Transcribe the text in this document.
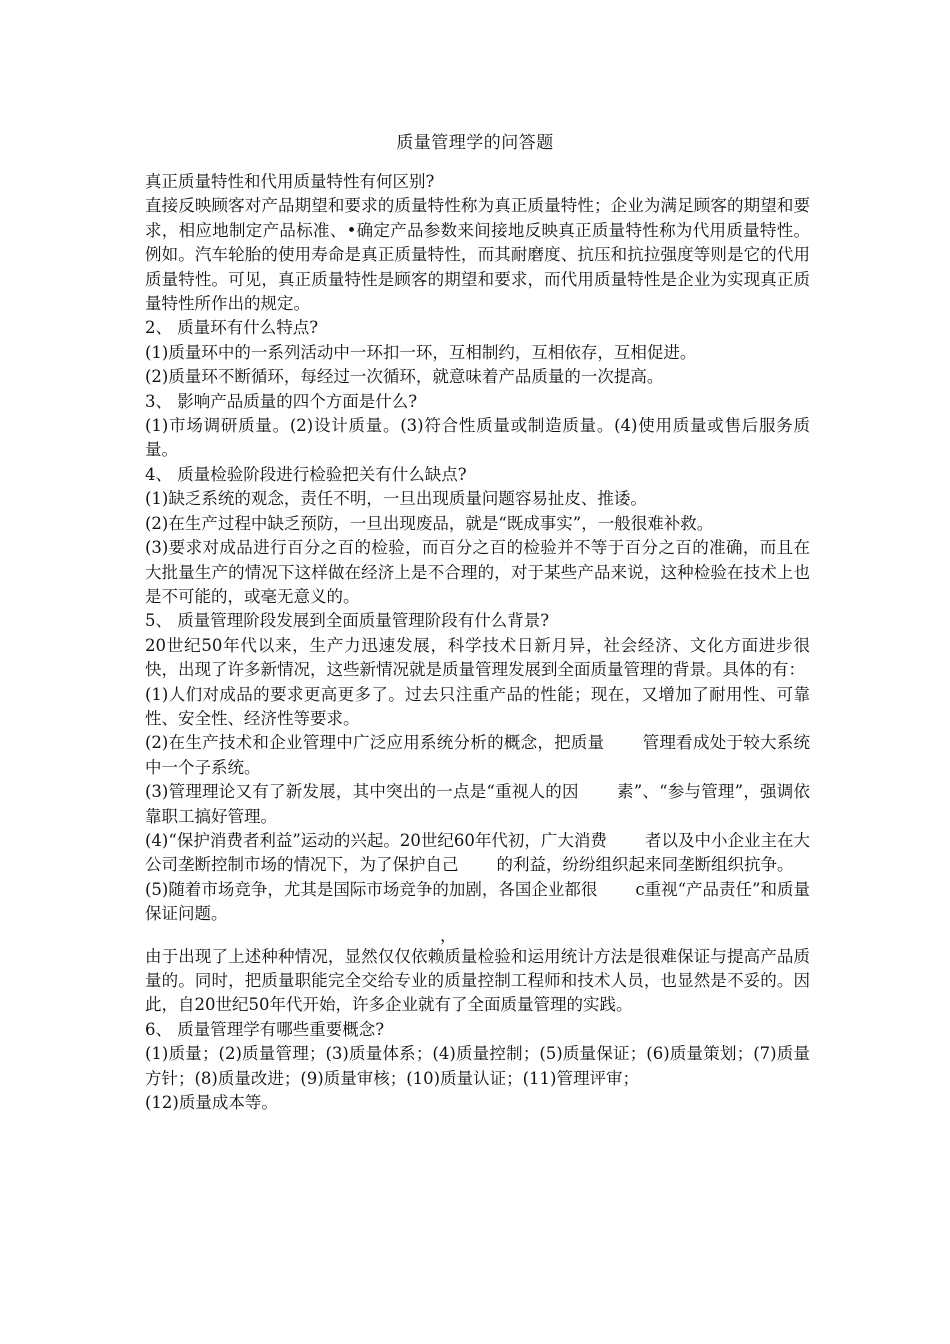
质量管理学的问答题

真正质量特性和代用质量特性有何区别?

直接反映顾客对产品期望和要求的质量特性称为真正质量特性；企业为满足顾客的期望和要求，相应地制定产品标准、•确定产品参数来间接地反映真正质量特性称为代用质量特性。例如。汽车轮胎的使用寿命是真正质量特性，而其耐磨度、抗压和抗拉强度等则是它的代用质量特性。可见，真正质量特性是顾客的期望和要求，而代用质量特性是企业为实现真正质量特性所作出的规定。

2、 质量环有什么特点?

(1)质量环中的一系列活动中一环扣一环，互相制约，互相依存，互相促进。

(2)质量环不断循环，每经过一次循环，就意味着产品质量的一次提高。

3、 影响产品质量的四个方面是什么?

(1)市场调研质量。(2)设计质量。(3)符合性质量或制造质量。(4)使用质量或售后服务质量。

4、 质量检验阶段进行检验把关有什么缺点?

(1)缺乏系统的观念，责任不明，一旦出现质量问题容易扯皮、推诿。

(2)在生产过程中缺乏预防，一旦出现废品，就是“既成事实”，一般很难补救。

(3)要求对成品进行百分之百的检验，而百分之百的检验并不等于百分之百的准确，而且在大批量生产的情况下这样做在经济上是不合理的，对于某些产品来说，这种检验在技术上也是不可能的，或毫无意义的。

5、 质量管理阶段发展到全面质量管理阶段有什么背景?

20世纪50年代以来，生产力迅速发展，科学技术日新月异，社会经济、文化方面进步很快，出现了许多新情况，这些新情况就是质量管理发展到全面质量管理的背景。具体的有：

(1)人们对成品的要求更高更多了。过去只注重产品的性能；现在，又增加了耐用性、可靠性、安全性、经济性等要求。

(2)在生产技术和企业管理中广泛应用系统分析的概念，把质量 管理看成处于较大系统中一个子系统。

(3)管理理论又有了新发展，其中突出的一点是“重视人的因 素”、“参与管理”，强调依靠职工搞好管理。

(4)“保护消费者利益”运动的兴起。20世纪60年代初，广大消费 者以及中小企业主在大公司垄断控制市场的情况下，为了保护自己 的利益，纷纷组织起来同垄断组织抗争。

(5)随着市场竞争，尤其是国际市场竞争的加剧，各国企业都很 c重视“产品责任”和质量保证问题。

，

由于出现了上述种种情况，显然仅仅依赖质量检验和运用统计方法是很难保证与提高产品质量的。同时，把质量职能完全交给专业的质量控制工程师和技术人员，也显然是不妥的。因此，自20世纪50年代开始，许多企业就有了全面质量管理的实践。

6、 质量管理学有哪些重要概念?

(1)质量；(2)质量管理；(3)质量体系；(4)质量控制；(5)质量保证；(6)质量策划；(7)质量方针；(8)质量改进；(9)质量审核；(10)质量认证；(11)管理评审；

(12)质量成本等。
